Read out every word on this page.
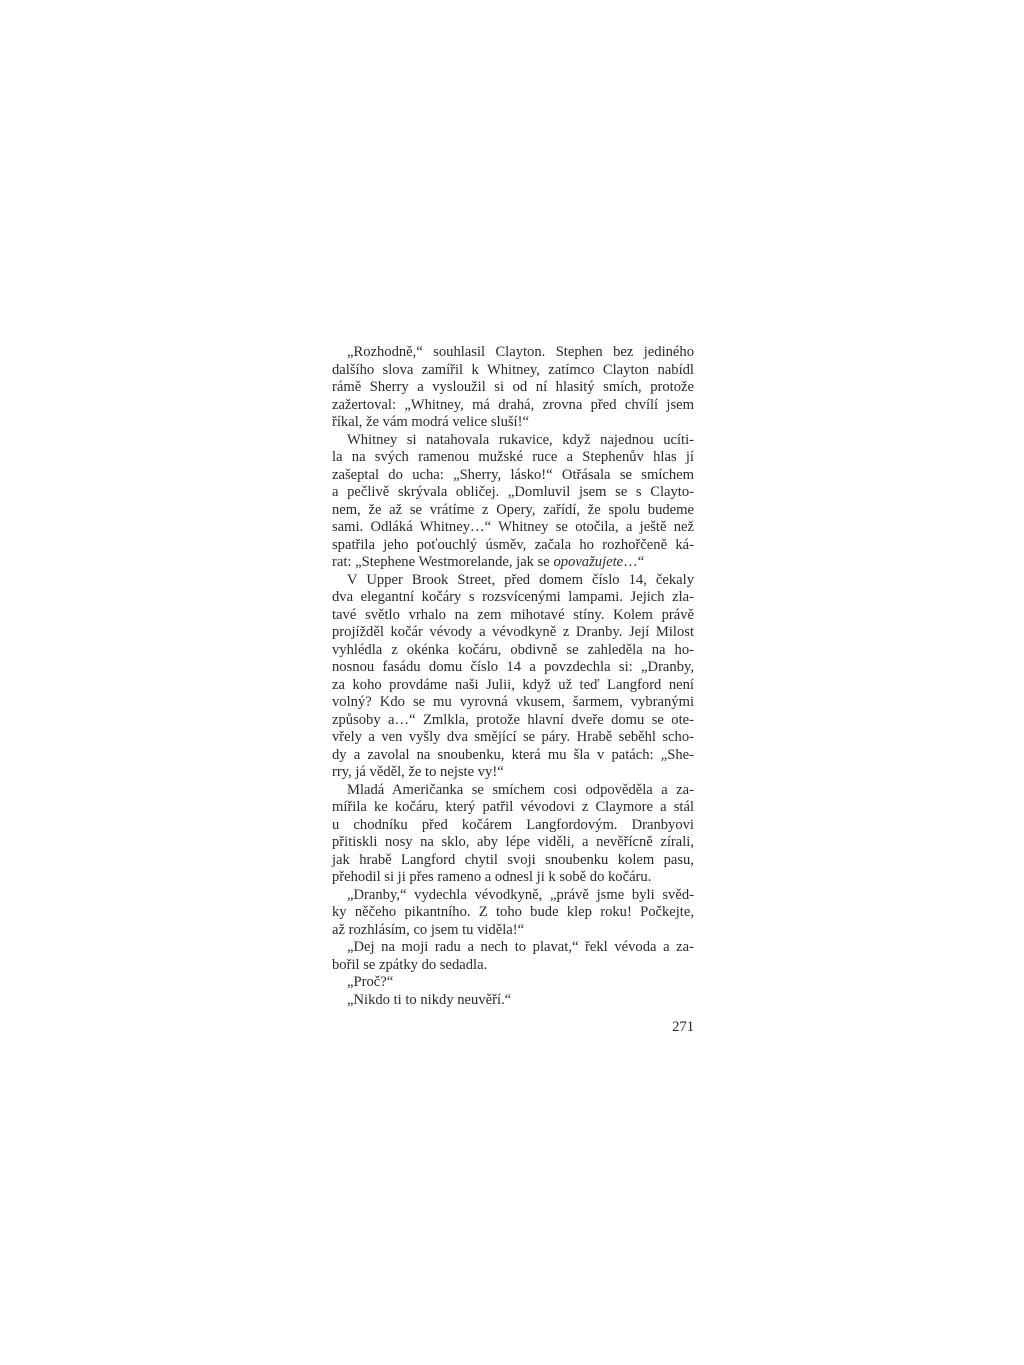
„Rozhodně,“ souhlasil Clayton. Stephen bez jediného
dalšího slova zamířil k Whitney, zatímco Clayton nabídl
rámě Sherry a vysloužil si od ní hlasitý smích, protože
zažertoval: „Whitney, má drahá, zrovna před chvílí jsem
říkal, že vám modrá velice sluší!“
Whitney si natahovala rukavice, když najednou ucíti-
la na svých ramenou mužské ruce a Stephenův hlas jí
zašeptal do ucha: „Sherry, lásko!“ Otřásala se smíchem
a pečlivě skrývala obličej. „Domluvil jsem se s Clayto-
nem, že až se vrátíme z Opery, zařídí, že spolu budeme
sami. Odláká Whitney…“ Whitney se otočila, a ještě než
spatřila jeho poťouchlý úsměv, začala ho rozhořčeně ká-
rat: „Stephene Westmorelande, jak se opovažujete…“
V Upper Brook Street, před domem číslo 14, čekaly
dva elegantní kočáry s rozsvícenými lampami. Jejich zla-
tavé světlo vrhalo na zem mihotavé stíny. Kolem právě
projížděl kočár vévody a vévodkyně z Dranby. Její Milost
vyhlédla z okénka kočáru, obdivně se zahleděla na ho-
nosnou fasádu domu číslo 14 a povzdechla si: „Dranby,
za koho provdáme naši Julii, když už teď Langford není
volný? Kdo se mu vyrovná vkusem, šarmem, vybranými
způsoby a…“ Zmlkla, protože hlavní dveře domu se ote-
vřely a ven vyšly dva smějící se páry. Hrabě seběhl scho-
dy a zavolal na snoubenku, která mu šla v patách: „She-
rry, já věděl, že to nejste vy!“
Mladá Američanka se smíchem cosi odpověděla a za-
mířila ke kočáru, který patřil vévodovi z Claymore a stál
u chodníku před kočárem Langfordovým. Dranbyovi
přitiskli nosy na sklo, aby lépe viděli, a nevěřícně zírali,
jak hrabě Langford chytil svoji snoubenku kolem pasu,
přehodil si ji přes rameno a odnesl ji k sobě do kočáru.
„Dranby,“ vydechla vévodkyně, „právě jsme byli svěd-
ky něčeho pikantního. Z toho bude klep roku! Počkejte,
až rozhlásím, co jsem tu viděla!“
„Dej na moji radu a nech to plavat,“ řekl vévoda a za-
bořil se zpátky do sedadla.
„Proč?“
„Nikdo ti to nikdy neuvěří.“
271
